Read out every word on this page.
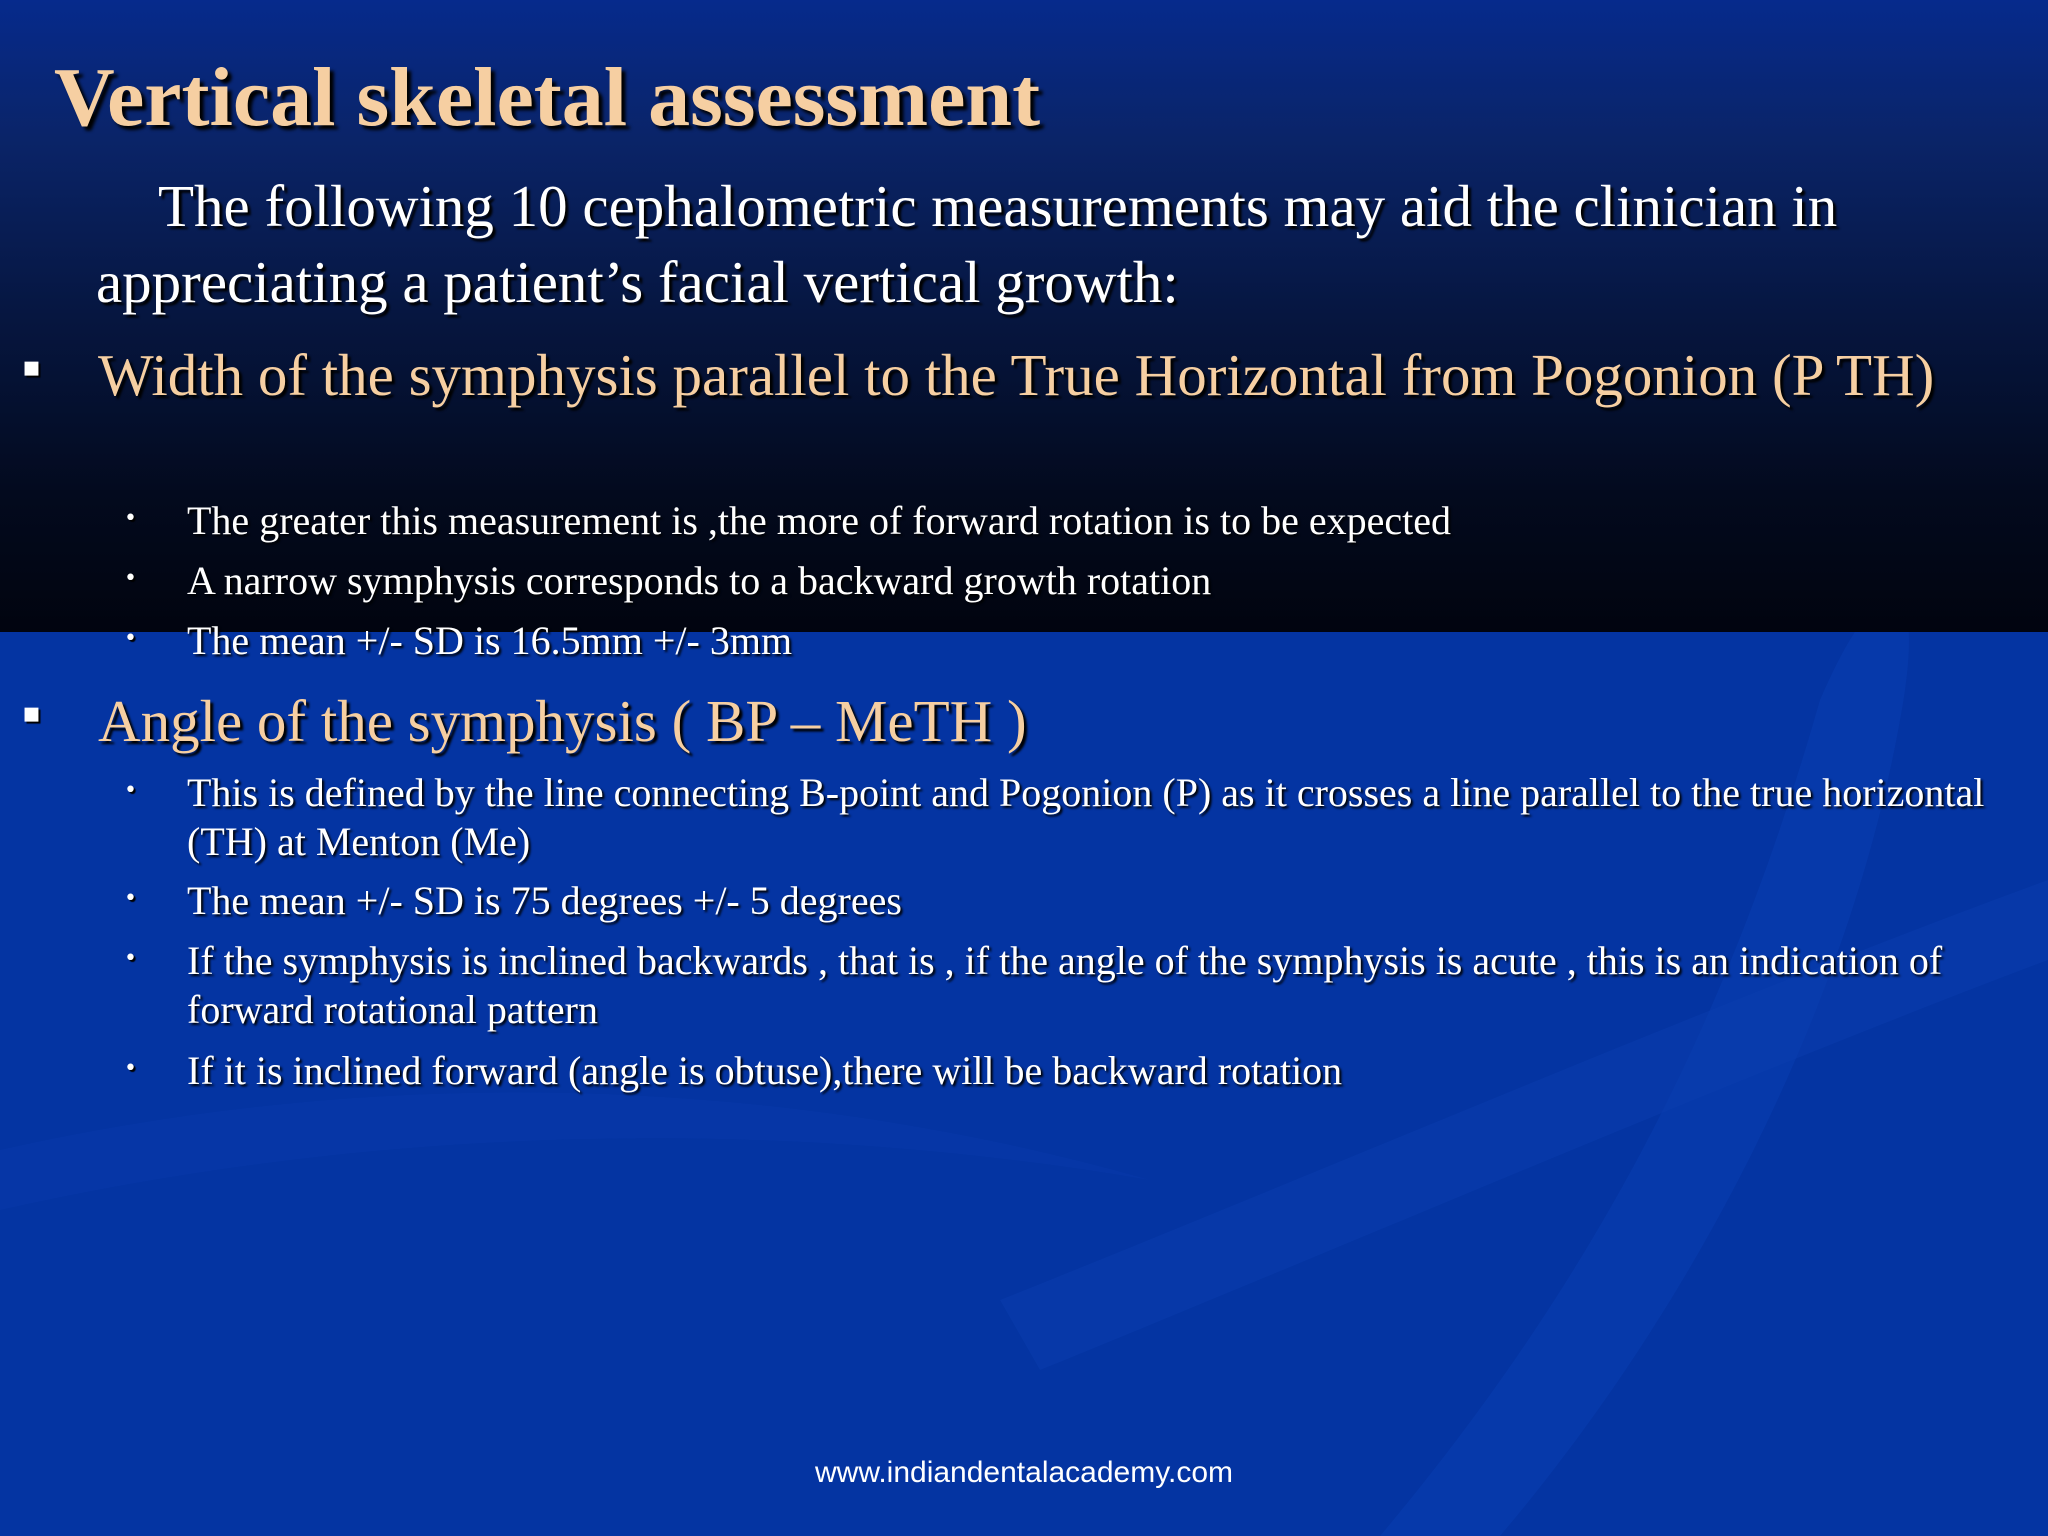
Vertical skeletal assessment

The following 10 cephalometric measurements may aid the clinician in appreciating a patient’s facial vertical growth:

▪ Width of the symphysis parallel to the True Horizontal from Pogonion (P TH)

• The greater this measurement is ,the more of forward rotation is to be expected

• A narrow symphysis corresponds to a backward growth rotation

• The mean +/- SD is 16.5mm +/- 3mm

▪ Angle of the symphysis ( BP – MeTH )

• This is defined by the line connecting B-point and Pogonion (P) as it crosses a line parallel to the true horizontal (TH) at Menton (Me)

• The mean +/- SD is 75 degrees +/- 5 degrees

• If the symphysis is inclined backwards , that is , if the angle of the symphysis is acute , this is an indication of forward rotational pattern

• If it is inclined forward (angle is obtuse),there will be backward rotation

www.indiandentalacademy.com
